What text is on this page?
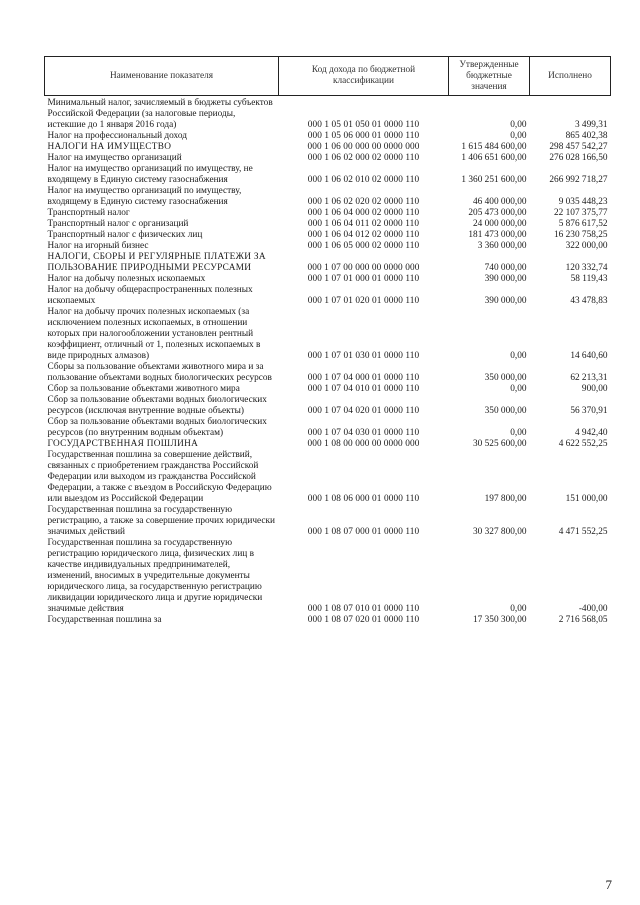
Наименование показателя	Код дохода по бюджетной классификации	Утвержденные бюджетные значения	Исполнено
Минимальный налог, зачисляемый в бюджеты субъектов Российской Федерации (за налоговые периоды, истекшие до 1 января 2016 года)	000 1 05 01 050 01 0000 110	0,00	3 499,31
Налог на профессиональный доход	000 1 05 06 000 01 0000 110	0,00	865 402,38
НАЛОГИ НА ИМУЩЕСТВО	000 1 06 00 000 00 0000 000	1 615 484 600,00	298 457 542,27
Налог на имущество организаций	000 1 06 02 000 02 0000 110	1 406 651 600,00	276 028 166,50
Налог на имущество организаций по имуществу, не входящему в Единую систему газоснабжения	000 1 06 02 010 02 0000 110	1 360 251 600,00	266 992 718,27
Налог на имущество организаций по имуществу, входящему в Единую систему газоснабжения	000 1 06 02 020 02 0000 110	46 400 000,00	9 035 448,23
Транспортный налог	000 1 06 04 000 02 0000 110	205 473 000,00	22 107 375,77
Транспортный налог с организаций	000 1 06 04 011 02 0000 110	24 000 000,00	5 876 617,52
Транспортный налог с физических лиц	000 1 06 04 012 02 0000 110	181 473 000,00	16 230 758,25
Налог на игорный бизнес	000 1 06 05 000 02 0000 110	3 360 000,00	322 000,00
НАЛОГИ, СБОРЫ И РЕГУЛЯРНЫЕ ПЛАТЕЖИ ЗА ПОЛЬЗОВАНИЕ ПРИРОДНЫМИ РЕСУРСАМИ	000 1 07 00 000 00 0000 000	740 000,00	120 332,74
Налог на добычу полезных ископаемых	000 1 07 01 000 01 0000 110	390 000,00	58 119,43
Налог на добычу общераспространенных полезных ископаемых	000 1 07 01 020 01 0000 110	390 000,00	43 478,83
Налог на добычу прочих полезных ископаемых (за исключением полезных ископаемых, в отношении которых при налогообложении установлен рентный коэффициент, отличный от 1, полезных ископаемых в виде природных алмазов)	000 1 07 01 030 01 0000 110	0,00	14 640,60
Сборы за пользование объектами животного мира и за пользование объектами водных биологических ресурсов	000 1 07 04 000 01 0000 110	350 000,00	62 213,31
Сбор за пользование объектами животного мира	000 1 07 04 010 01 0000 110	0,00	900,00
Сбор за пользование объектами водных биологических ресурсов (исключая внутренние водные объекты)	000 1 07 04 020 01 0000 110	350 000,00	56 370,91
Сбор за пользование объектами водных биологических ресурсов (по внутренним водным объектам)	000 1 07 04 030 01 0000 110	0,00	4 942,40
ГОСУДАРСТВЕННАЯ ПОШЛИНА	000 1 08 00 000 00 0000 000	30 525 600,00	4 622 552,25
Государственная пошлина за совершение действий, связанных с приобретением гражданства Российской Федерации или выходом из гражданства Российской Федерации, а также с въездом в Российскую Федерацию или выездом из Российской Федерации	000 1 08 06 000 01 0000 110	197 800,00	151 000,00
Государственная пошлина за государственную регистрацию, а также за совершение прочих юридически значимых действий	000 1 08 07 000 01 0000 110	30 327 800,00	4 471 552,25
Государственная пошлина за государственную регистрацию юридического лица, физических лиц в качестве индивидуальных предпринимателей, изменений, вносимых в учредительные документы юридического лица, за государственную регистрацию ликвидации юридического лица и другие юридически значимые действия	000 1 08 07 010 01 0000 110	0,00	-400,00
Государственная пошлина за	000 1 08 07 020 01 0000 110	17 350 300,00	2 716 568,05
7
